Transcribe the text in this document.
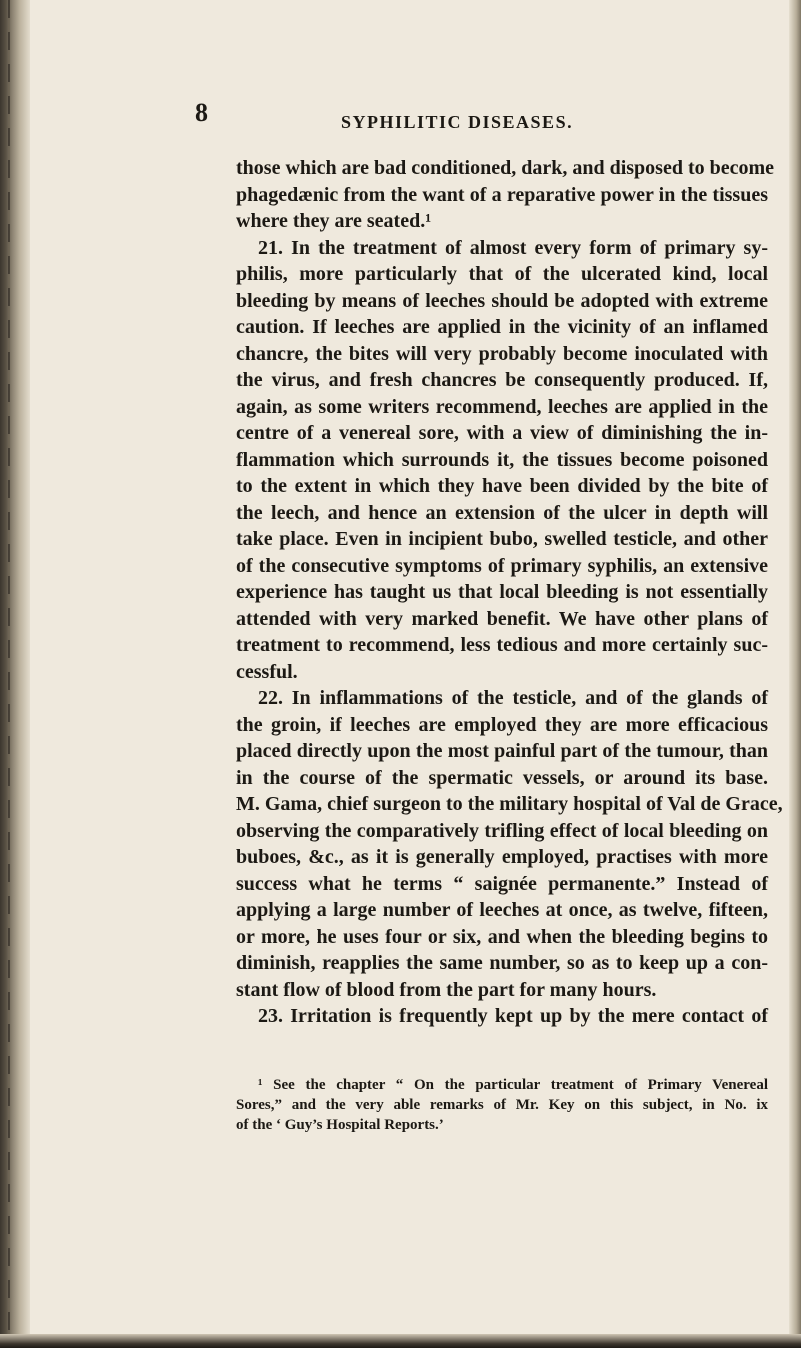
8	SYPHILITIC DISEASES.
those which are bad conditioned, dark, and disposed to become
phagedænic from the want of a reparative power in the tissues
where they are seated.¹
21. In the treatment of almost every form of primary sy-
philis, more particularly that of the ulcerated kind, local
bleeding by means of leeches should be adopted with extreme
caution. If leeches are applied in the vicinity of an inflamed
chancre, the bites will very probably become inoculated with
the virus, and fresh chancres be consequently produced. If,
again, as some writers recommend, leeches are applied in the
centre of a venereal sore, with a view of diminishing the in-
flammation which surrounds it, the tissues become poisoned
to the extent in which they have been divided by the bite of
the leech, and hence an extension of the ulcer in depth will
take place. Even in incipient bubo, swelled testicle, and other
of the consecutive symptoms of primary syphilis, an extensive
experience has taught us that local bleeding is not essentially
attended with very marked benefit. We have other plans of
treatment to recommend, less tedious and more certainly suc-
cessful.
22. In inflammations of the testicle, and of the glands of
the groin, if leeches are employed they are more efficacious
placed directly upon the most painful part of the tumour, than
in the course of the spermatic vessels, or around its base.
M. Gama, chief surgeon to the military hospital of Val de Grace,
observing the comparatively trifling effect of local bleeding on
buboes, &c., as it is generally employed, practises with more
success what he terms “ saignée permanente.” Instead of
applying a large number of leeches at once, as twelve, fifteen,
or more, he uses four or six, and when the bleeding begins to
diminish, reapplies the same number, so as to keep up a con-
stant flow of blood from the part for many hours.
23. Irritation is frequently kept up by the mere contact of
¹ See the chapter “ On the particular treatment of Primary Venereal
Sores,” and the very able remarks of Mr. Key on this subject, in No. ix
of the ‘ Guy’s Hospital Reports.’
